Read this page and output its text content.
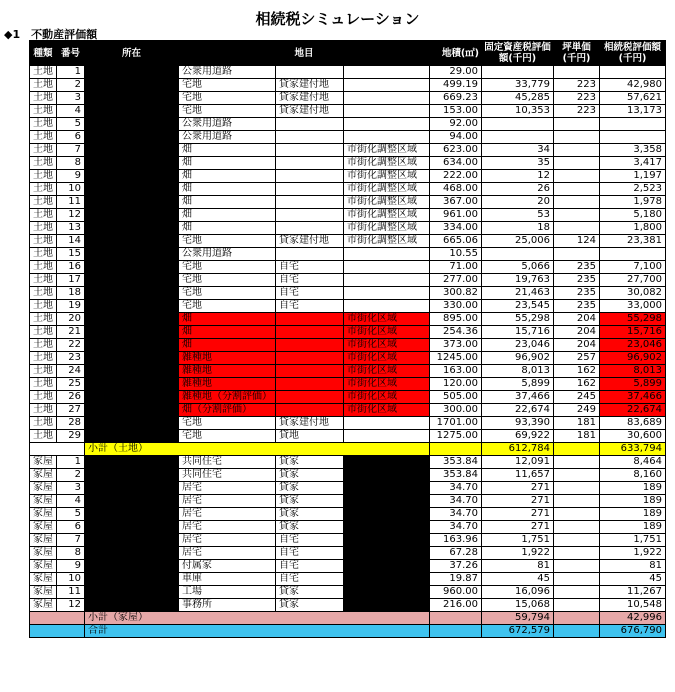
相続税シミュレーション
◆1　不動産評価額
種類	番号	所在	地目			地積(㎡)	固定資産税評価額(千円)	坪単価(千円)	相続税評価額(千円)
土地	1		公衆用道路			29.00			
土地	2		宅地	貸家建付地		499.19	33,779	223	42,980
土地	3		宅地	貸家建付地		669.23	45,285	223	57,621
土地	4		宅地	貸家建付地		153.00	10,353	223	13,173
土地	5		公衆用道路			92.00			
土地	6		公衆用道路			94.00			
土地	7		畑		市街化調整区域	623.00	34		3,358
土地	8		畑		市街化調整区域	634.00	35		3,417
土地	9		畑		市街化調整区域	222.00	12		1,197
土地	10		畑		市街化調整区域	468.00	26		2,523
土地	11		畑		市街化調整区域	367.00	20		1,978
土地	12		畑		市街化調整区域	961.00	53		5,180
土地	13		畑		市街化調整区域	334.00	18		1,800
土地	14		宅地	貸家建付地	市街化調整区域	665.06	25,006	124	23,381
土地	15		公衆用道路			10.55			
土地	16		宅地	自宅		71.00	5,066	235	7,100
土地	17		宅地	自宅		277.00	19,763	235	27,700
土地	18		宅地	自宅		300.82	21,463	235	30,082
土地	19		宅地	自宅		330.00	23,545	235	33,000
土地	20		畑		市街化区域	895.00	55,298	204	55,298
土地	21		畑		市街化区域	254.36	15,716	204	15,716
土地	22		畑		市街化区域	373.00	23,046	204	23,046
土地	23		雑種地		市街化区域	1245.00	96,902	257	96,902
土地	24		雑種地		市街化区域	163.00	8,013	162	8,013
土地	25		雑種地		市街化区域	120.00	5,899	162	5,899
土地	26		雑種地（分割評価）		市街化区域	505.00	37,466	245	37,466
土地	27		畑（分割評価）		市街化区域	300.00	22,674	249	22,674
土地	28		宅地	貸家建付地		1701.00	93,390	181	83,689
土地	29		宅地	貸地		1275.00	69,922	181	30,600
		小計（土地）					612,784		633,794
家屋	1		共同住宅	貸家		353.84	12,091		8,464
家屋	2		共同住宅	貸家		353.84	11,657		8,160
家屋	3		居宅	貸家		34.70	271		189
家屋	4		居宅	貸家		34.70	271		189
家屋	5		居宅	貸家		34.70	271		189
家屋	6		居宅	貸家		34.70	271		189
家屋	7		居宅	自宅		163.96	1,751		1,751
家屋	8		居宅	自宅		67.28	1,922		1,922
家屋	9		付属家	自宅		37.26	81		81
家屋	10		車庫	自宅		19.87	45		45
家屋	11		工場	貸家		960.00	16,096		11,267
家屋	12		事務所	貸家		216.00	15,068		10,548
		小計（家屋）					59,794		42,996
		合計					672,579		676,790
